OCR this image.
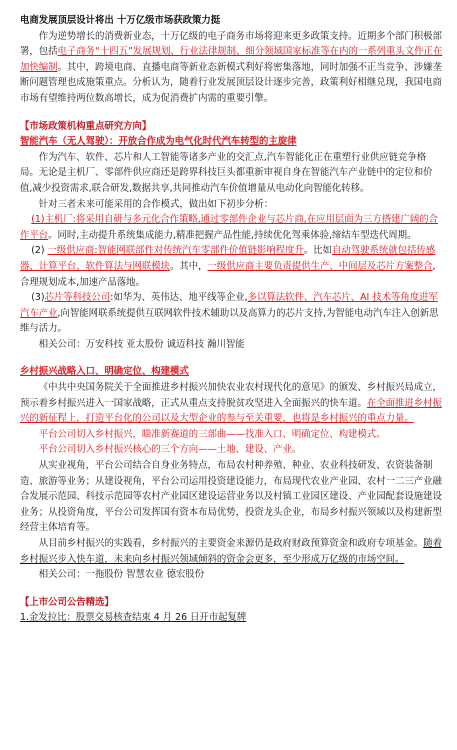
电商发展顶层设计将出 十万亿级市场获政策力挺

作为逆势增长的消费新业态，十万亿级的电子商务市场将迎来更多政策支持。近期多个部门积极部署，包括电子商务“十四五”发展规划、行业法律规制、细分领域国家标准等在内的一系列重头文件正在加快编制。其中，跨境电商、直播电商等新业态新模式利好将密集落地，同时加强不正当竞争、涉嫌垄断问题管理也成施策重点。分析认为，随着行业发展顶层设计逐步完善，政策利好相继兑现，我国电商市场有望维持两位数高增长，成为促消费扩内需的重要引擎。

【市场政策机构重点研究方向】

智能汽车（无人驾驶）：开放合作成为电气化时代汽车转型的主旋律

作为汽车、软件、芯片和人工智能等诸多产业的交汇点,汽车智能化正在重塑行业供应链竞争格局。无论是主机厂、零部件供应商还是跨界科技巨头都重新审视自身在智能汽车产业链中的定位和价值,减少投资需求,联合研发,数据共享,共同推动汽车价值增量从电动化向智能化转移。

针对三者未来可能采用的合作模式，做出如下初步分析：

(1)主机厂:将采用自研与多元化合作策略,通过零部件企业与芯片商,在应用层面为三方搭建广阔的合作平台。同时,主动提升系统集成能力,精准把握产品性能,持续优化驾乘体验,缔结车型迭代周期。

(2) 一级供应商:智能网联部件对传统汽车零部件价值链影响程度升。比如自动驾驶系统就包括传感器、计算平台、软件算法与网联模块。其中，一级供应商主要负责提供生产、中间层及芯片方案整合,合理规划成本,加速产品落地。

(3)芯片等科技公司:如华为、英伟达、地平线等企业,多以算法软件、汽车芯片、AI 技术等角度进军汽车产业,向智能网联系统提供互联网软件技术辅助以及高算力的芯片支持,为智能电动汽车注入创新思维与活力。

相关公司：万安科技 亚太股份 诚迈科技 瀚川智能

乡村振兴战略入口、明确定位、构建模式

《中共中央国务院关于全面推进乡村振兴加快农业农村现代化的意见》的颁发、乡村振兴局成立，预示着乡村振兴进入一国家战略，正式从重点支持脱贫攻坚进入全面振兴的快车道。在全面推进乡村振兴的新征程上，打造平台化的公司以及大型企业的参与至关重要，也将是乡村振兴的重点力量。

平台公司切入乡村振兴，瞄准新赛道的三部曲——找准入口、明确定位、构建模式。

平台公司切入乡村振兴核心的三个方向——土地、建设、产业。

从实业视角，平台公司结合自身业务特点，布局农村种养殖、种业、农业科技研发、农资装备制造、旅游等业务；从建设视角，平台公司运用投资建设能力，布局现代农业产业园、农村一二三产业融合发展示范园、科技示范园等农村产业园区建设运营业务以及村镇工业园区建设、产业园配套设施建设业务；从投资角度，平台公司发挥国有资本布局优势，投资龙头企业，布局乡村振兴领域以及构建新型经营主体培育等。

从目前乡村振兴的实践看，乡村振兴的主要资金来源仍是政府财政预算资金和政府专项基金。随着乡村振兴步入快车道，未来向乡村振兴领域倾斜的资金会更多，至少形成万亿级的市场空间。

相关公司：一拖股份 智慧农业 德宏股份

【上市公司公告精选】

1.金发拉比：股票交易核查结束 4 月 26 日开市起复牌
